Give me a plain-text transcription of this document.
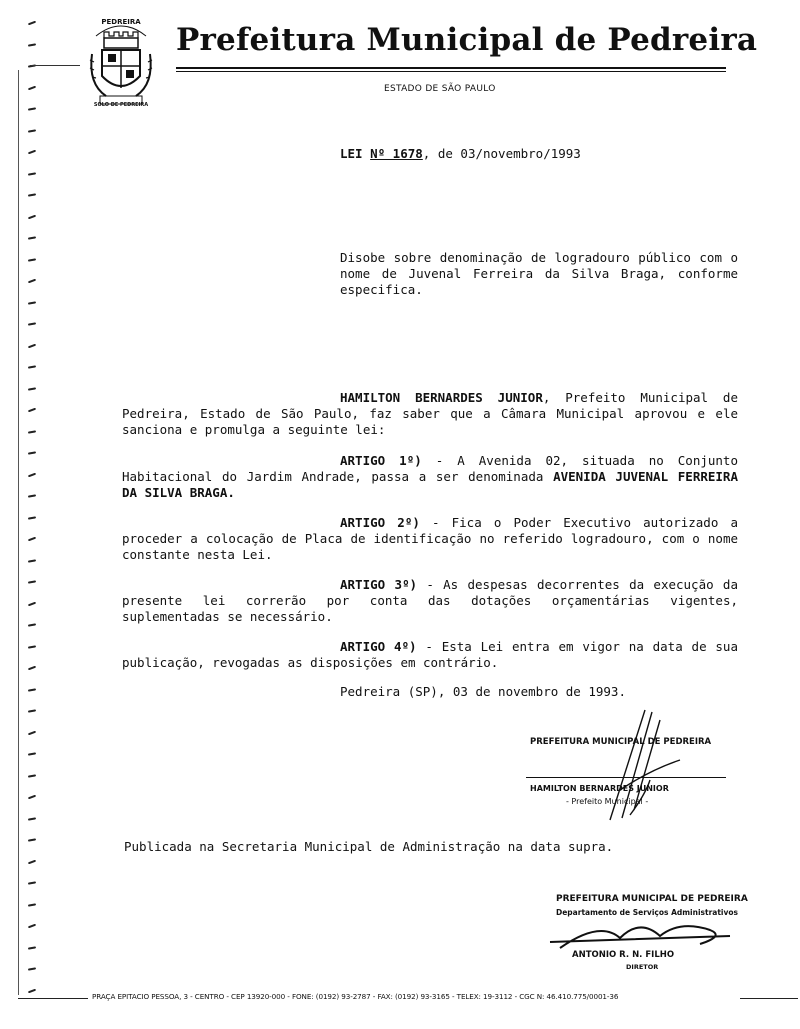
PEDREIRA
SOLO DE PEDREIRA
Prefeitura Municipal de Pedreira
ESTADO DE SÃO PAULO
LEI Nº 1678, de 03/novembro/1993
Disobe sobre denominação de logradouro público com o nome de Juvenal Ferreira da Silva Braga, conforme especifica.
HAMILTON BERNARDES JUNIOR, Prefeito Municipal de Pedreira, Estado de São Paulo, faz saber que a Câmara Municipal aprovou e ele sanciona e promulga a seguinte lei:
ARTIGO 1º) - A Avenida 02, situada no Conjunto Habitacional do Jardim Andrade, passa a ser denominada AVENIDA JUVENAL FERREIRA DA SILVA BRAGA.
ARTIGO 2º) - Fica o Poder Executivo autorizado a proceder a colocação de Placa de identificação no referido logradouro, com o nome constante nesta Lei.
ARTIGO 3º) - As despesas decorrentes da execução da presente lei correrão por conta das dotações orçamentárias vigentes, suplementadas se necessário.
ARTIGO 4º) - Esta Lei entra em vigor na data de sua publicação, revogadas as disposições em contrário.
Pedreira (SP), 03 de novembro de 1993.
PREFEITURA MUNICIPAL DE PEDREIRA
HAMILTON BERNARDES JUNIOR
- Prefeito Municipal -
Publicada na Secretaria Municipal de Administração na data supra.
PREFEITURA MUNICIPAL DE PEDREIRA
Departamento de Serviços Administrativos
ANTONIO R. N. FILHO
DIRETOR
PRAÇA EPITACIO PESSOA, 3 - CENTRO - CEP 13920-000 - FONE: (0192) 93-2787 - FAX: (0192) 93-3165 - TELEX: 19-3112 - CGC N: 46.410.775/0001-36
